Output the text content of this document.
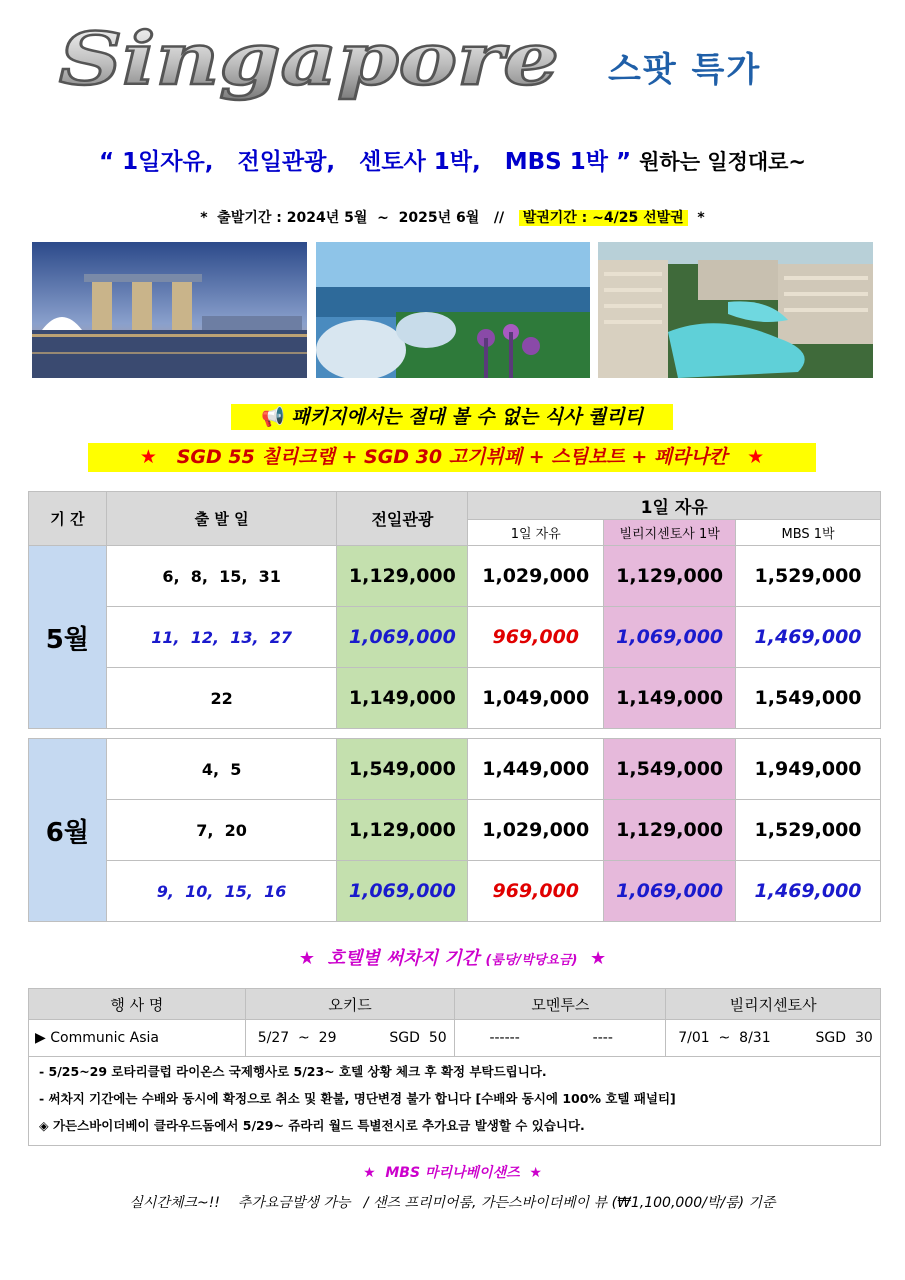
Singapore 스팟 특가
“ 1일자유,   전일관광,   센토사 1박,   MBS 1박 ” 원하는 일정대로~
*  출발기간 : 2024년 5월  ~  2025년 6월   // 발권기간 : ~4/25 선발권 *
📢 패키지에서는 절대 볼 수 없는 식사 퀄리티
★ SGD 55 칠리크랩 + SGD 30 고기뷔페 + 스팀보트 + 페라나칸 ★
기 간	출 발 일	전일관광	1일 자유		
			1일 자유	빌리지센토사 1박	MBS 1박
5월	6,  8,  15,  31	1,129,000	1,029,000	1,129,000	1,529,000
	11,  12,  13,  27	1,069,000	969,000	1,069,000	1,469,000
	22	1,149,000	1,049,000	1,149,000	1,549,000

6월	4,  5	1,549,000	1,449,000	1,549,000	1,949,000
	7,  20	1,129,000	1,029,000	1,129,000	1,529,000
	9,  10,  15,  16	1,069,000	969,000	1,069,000	1,469,000
★  호텔별 써차지 기간 (룸당/박당요금)  ★
행 사 명	오키드	모멘투스	빌리지센토사
▶ Communic Asia	5/27  ~  29 SGD  50	------ ----	7/01  ~  8/31 SGD  30
- 5/25~29 로타리클럽 라이온스 국제행사로 5/23~ 호텔 상황 체크 후 확정 부탁드립니다.
- 써차지 기간에는 수배와 동시에 확정으로 취소 및 환불, 명단변경 불가 합니다 [수배와 동시에 100% 호텔 패널티]
◈ 가든스바이더베이 클라우드돔에서 5/29~ 쥬라리 월드 특별전시로 추가요금 발생할 수 있습니다.
★  MBS 마리나베이샌즈  ★
실시간체크~!!    추가요금발생 가능   / 샌즈 프리미어룸, 가든스바이더베이 뷰 (₩1,100,000/박/룸) 기준
